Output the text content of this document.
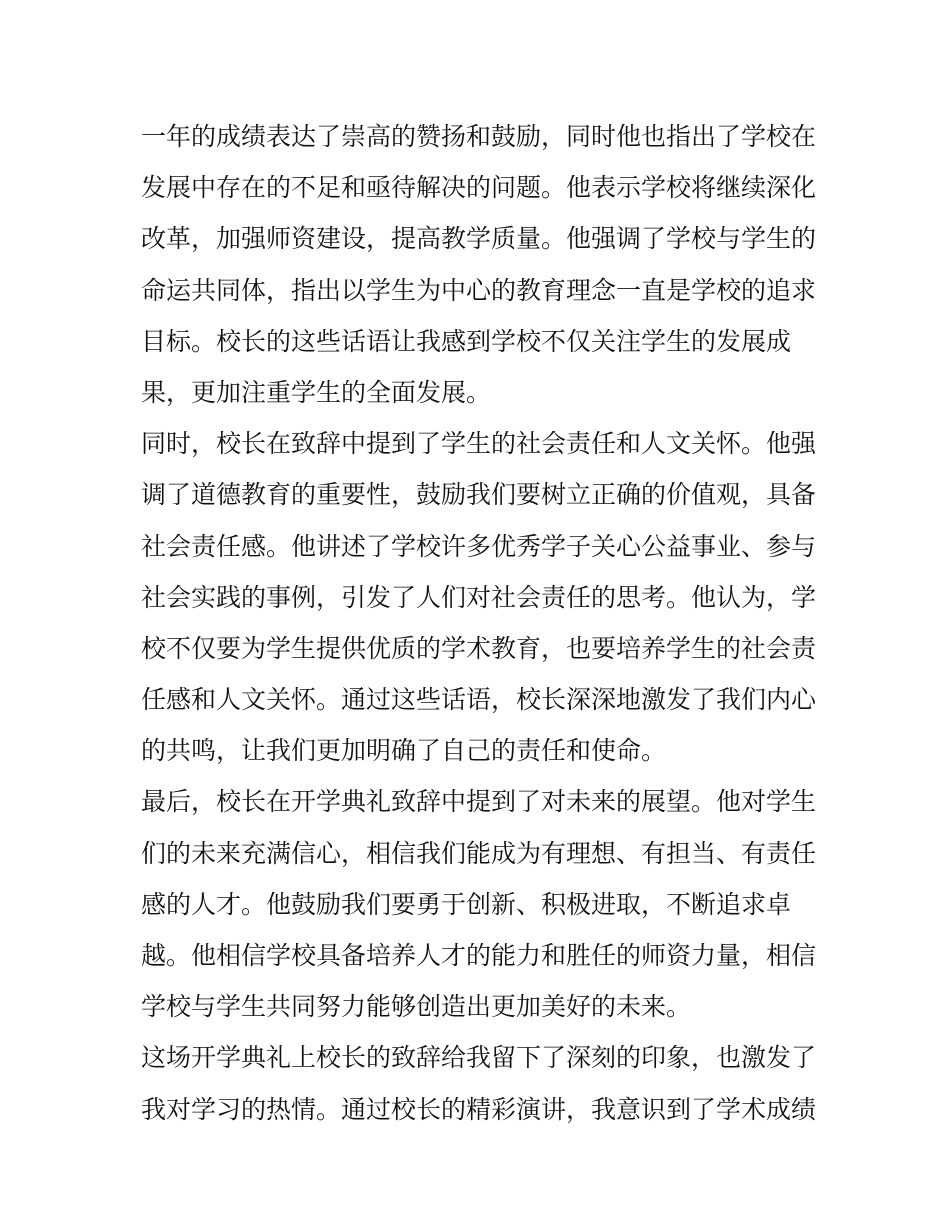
一年的成绩表达了崇高的赞扬和鼓励，同时他也指出了学校在
发展中存在的不足和亟待解决的问题。他表示学校将继续深化
改革，加强师资建设，提高教学质量。他强调了学校与学生的
命运共同体，指出以学生为中心的教育理念一直是学校的追求
目标。校长的这些话语让我感到学校不仅关注学生的发展成
果，更加注重学生的全面发展。
同时，校长在致辞中提到了学生的社会责任和人文关怀。他强
调了道德教育的重要性，鼓励我们要树立正确的价值观，具备
社会责任感。他讲述了学校许多优秀学子关心公益事业、参与
社会实践的事例，引发了人们对社会责任的思考。他认为，学
校不仅要为学生提供优质的学术教育，也要培养学生的社会责
任感和人文关怀。通过这些话语，校长深深地激发了我们内心
的共鸣，让我们更加明确了自己的责任和使命。
最后，校长在开学典礼致辞中提到了对未来的展望。他对学生
们的未来充满信心，相信我们能成为有理想、有担当、有责任
感的人才。他鼓励我们要勇于创新、积极进取，不断追求卓
越。他相信学校具备培养人才的能力和胜任的师资力量，相信
学校与学生共同努力能够创造出更加美好的未来。
这场开学典礼上校长的致辞给我留下了深刻的印象，也激发了
我对学习的热情。通过校长的精彩演讲，我意识到了学术成绩
